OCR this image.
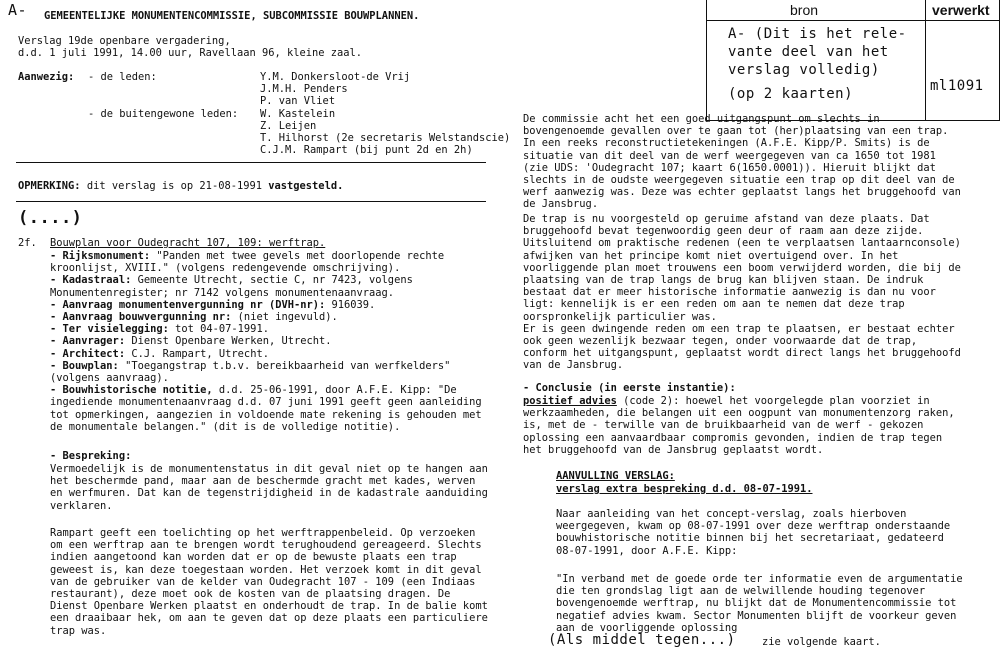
A- GEMEENTELIJKE MONUMENTENCOMMISSIE, SUBCOMMISSIE BOUWPLANNEN.
Verslag 19de openbare vergadering,
d.d. 1 juli 1991, 14.00 uur, Ravellaan 96, kleine zaal.
Aanwezig: - de leden:	Y.M. Donkersloot-de Vrij
J.M.H. Penders
P. van Vliet
- de buitengewone leden: W. Kastelein
Z. Leijen
T. Hilhorst (2e secretaris Welstandscie)
C.J.M. Rampart (bij punt 2d en 2h)
OPMERKING: dit verslag is op 21-08-1991 vastgesteld.
(....)
2f. Bouwplan voor Oudegracht 107, 109: werftrap.
- Rijksmonument: "Panden met twee gevels met doorlopende rechte
kroonlijst, XVIII." (volgens redengevende omschrijving).
- Kadastraal: Gemeente Utrecht, sectie C, nr 7423, volgens
Monumentenregister; nr 7142 volgens monumentenaanvraag.
- Aanvraag monumentenvergunning nr (DVH-nr): 916039.
- Aanvraag bouwvergunning nr: (niet ingevuld).
- Ter visielegging: tot 04-07-1991.
- Aanvrager: Dienst Openbare Werken, Utrecht.
- Architect: C.J. Rampart, Utrecht.
- Bouwplan: "Toegangstrap t.b.v. bereikbaarheid van werfkelders"
(volgens aanvraag).
- Bouwhistorische notitie, d.d. 25-06-1991, door A.F.E. Kipp: "De
ingediende monumentenaanvraag d.d. 07 juni 1991 geeft geen aanleiding
tot opmerkingen, aangezien in voldoende mate rekening is gehouden met
de monumentale belangen." (dit is de volledige notitie).
- Bespreking:
Vermoedelijk is de monumentenstatus in dit geval niet op te hangen aan
het beschermde pand, maar aan de beschermde gracht met kades, werven
en werfmuren. Dat kan de tegenstrijdigheid in de kadastrale aanduiding
verklaren.
Rampart geeft een toelichting op het werftrappenbeleid. Op verzoeken
om een werftrap aan te brengen wordt terughoudend gereageerd. Slechts
indien aangetoond kan worden dat er op de bewuste plaats een trap
geweest is, kan deze toegestaan worden. Het verzoek komt in dit geval
van de gebruiker van de kelder van Oudegracht 107 - 109 (een Indiaas
restaurant), deze moet ook de kosten van de plaatsing dragen. De
Dienst Openbare Werken plaatst en onderhoudt de trap. In de balie komt
een draaibaar hek, om aan te geven dat op deze plaats een particuliere
trap was.
bron	verwerkt
A- (Dit is het rele-
vante deel van het
verslag volledig)
(op 2 kaarten)	ml1091
De commissie acht het een goed uitgangspunt om slechts in
bovengenoemde gevallen over te gaan tot (her)plaatsing van een trap.
In een reeks reconstructietekeningen (A.F.E. Kipp/P. Smits) is de
situatie van dit deel van de werf weergegeven van ca 1650 tot 1981
(zie UDS: 'Oudegracht 107; kaart 6(1650.0001)). Hieruit blijkt dat
slechts in de oudste weergegeven situatie een trap op dit deel van de
werf aanwezig was. Deze was echter geplaatst langs het bruggehoofd van
de Jansbrug.
De trap is nu voorgesteld op geruime afstand van deze plaats. Dat
bruggehoofd bevat tegenwoordig geen deur of raam aan deze zijde.
Uitsluitend om praktische redenen (een te verplaatsen lantaarnconsole)
afwijken van het principe komt niet overtuigend over. In het
voorliggende plan moet trouwens een boom verwijderd worden, die bij de
plaatsing van de trap langs de brug kan blijven staan. De indruk
bestaat dat er meer historische informatie aanwezig is dan nu voor
ligt: kennelijk is er een reden om aan te nemen dat deze trap
oorspronkelijk particulier was.
Er is geen dwingende reden om een trap te plaatsen, er bestaat echter
ook geen wezenlijk bezwaar tegen, onder voorwaarde dat de trap,
conform het uitgangspunt, geplaatst wordt direct langs het bruggehoofd
van de Jansbrug.
- Conclusie (in eerste instantie):
positief advies (code 2): hoewel het voorgelegde plan voorziet in
werkzaamheden, die belangen uit een oogpunt van monumentenzorg raken,
is, met de - terwille van de bruikbaarheid van de werf - gekozen
oplossing een aanvaardbaar compromis gevonden, indien de trap tegen
het bruggehoofd van de Jansbrug geplaatst wordt.
AANVULLING VERSLAG:
verslag extra bespreking d.d. 08-07-1991.
Naar aanleiding van het concept-verslag, zoals hierboven
weergegeven, kwam op 08-07-1991 over deze werftrap onderstaande
bouwhistorische notitie binnen bij het secretariaat, gedateerd
08-07-1991, door A.F.E. Kipp:
"In verband met de goede orde ter informatie even de argumentatie
die ten grondslag ligt aan de welwillende houding tegenover
bovengenoemde werftrap, nu blijkt dat de Monumentencommissie tot
negatief advies kwam. Sector Monumenten blijft de voorkeur geven
aan de voorliggende oplossing
(Als middel tegen...)	zie volgende kaart.
